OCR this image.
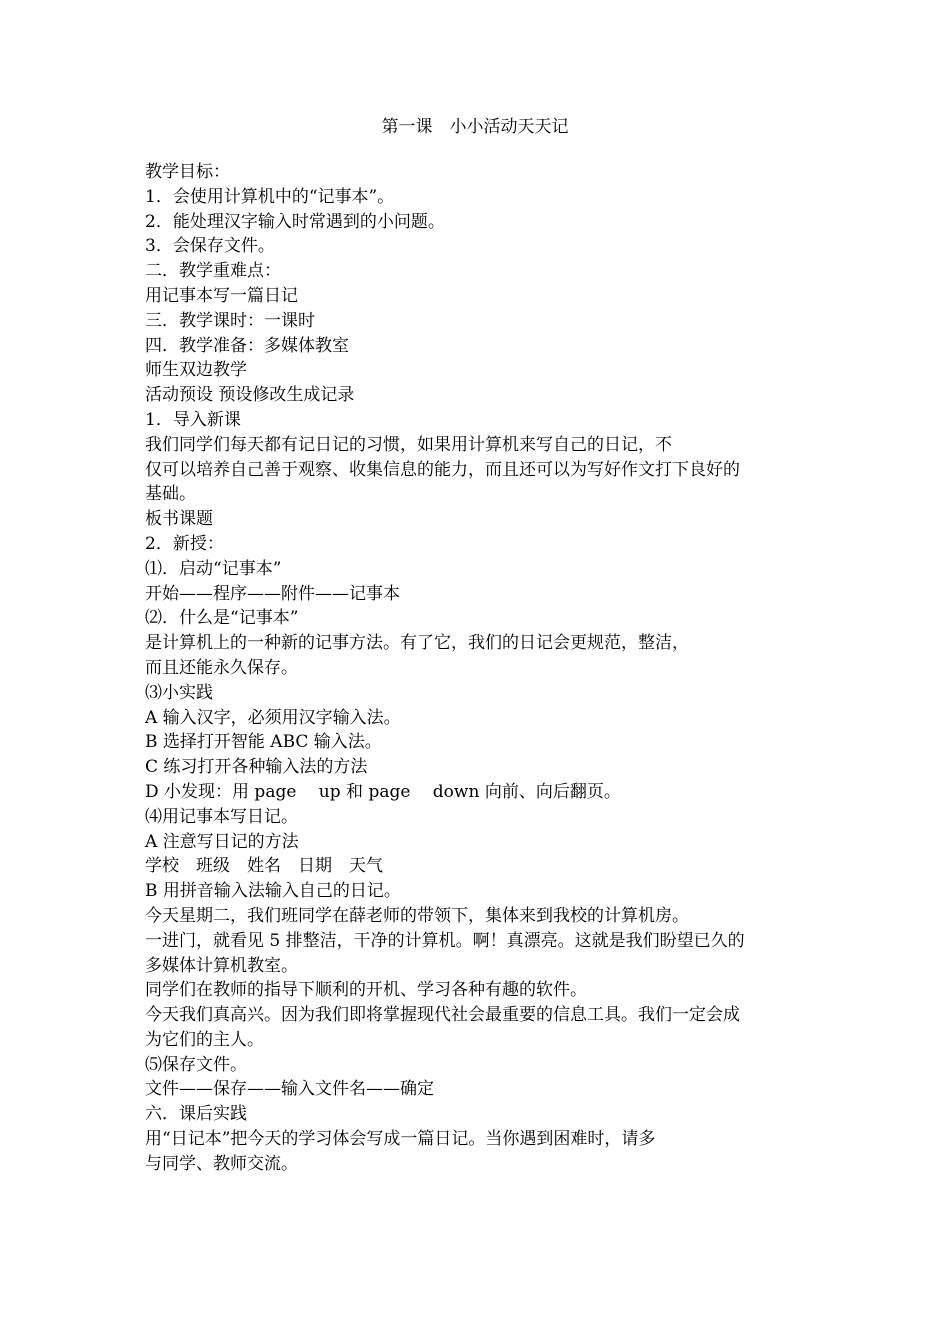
第一课　小小活动天天记

教学目标：

1．会使用计算机中的“记事本”。

2．能处理汉字输入时常遇到的小问题。

3．会保存文件。

二．教学重难点：

用记事本写一篇日记

三．教学课时：一课时

四．教学准备：多媒体教室

师生双边教学

活动预设 预设修改生成记录

1．导入新课

我们同学们每天都有记日记的习惯，如果用计算机来写自己的日记，不

仅可以培养自己善于观察、收集信息的能力，而且还可以为写好作文打下良好的

基础。

板书课题

2．新授：

⑴．启动“记事本”

开始——程序——附件——记事本

⑵．什么是“记事本”

是计算机上的一种新的记事方法。有了它，我们的日记会更规范，整洁，

而且还能永久保存。

⑶小实践

A 输入汉字，必须用汉字输入法。

B 选择打开智能 ABC 输入法。

C 练习打开各种输入法的方法

D 小发现：用 page　 up 和 page　 down 向前、向后翻页。

⑷用记事本写日记。

A 注意写日记的方法

学校　班级　姓名　日期　天气

B 用拼音输入法输入自己的日记。

今天星期二，我们班同学在薛老师的带领下，集体来到我校的计算机房。

一进门，就看见 5 排整洁，干净的计算机。啊！真漂亮。这就是我们盼望已久的

多媒体计算机教室。

同学们在教师的指导下顺利的开机、学习各种有趣的软件。

今天我们真高兴。因为我们即将掌握现代社会最重要的信息工具。我们一定会成

为它们的主人。

⑸保存文件。

文件——保存——输入文件名——确定

六．课后实践

用“日记本”把今天的学习体会写成一篇日记。当你遇到困难时，请多

与同学、教师交流。
